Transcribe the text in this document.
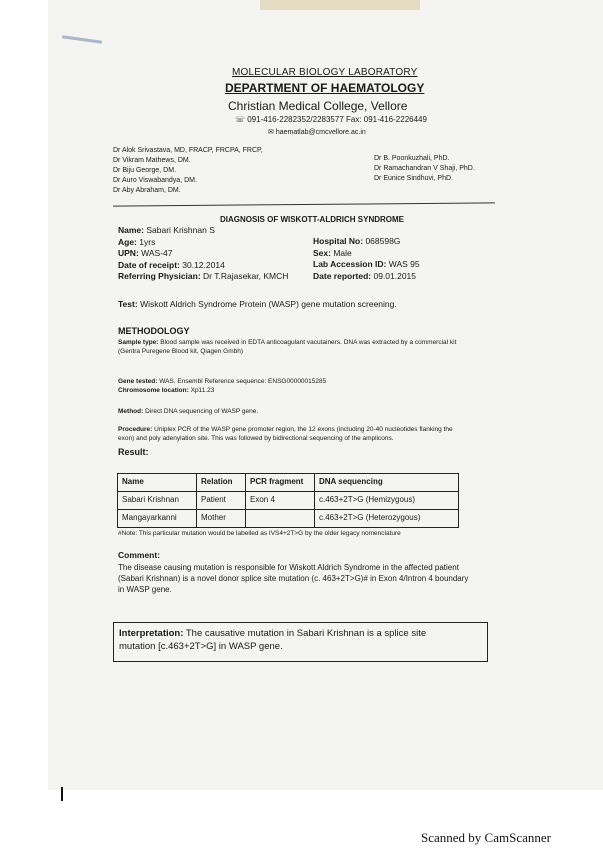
MOLECULAR BIOLOGY LABORATORY
DEPARTMENT OF HAEMATOLOGY
Christian Medical College, Vellore
☏ 091-416-2282352/2283577 Fax: 091-416-2226449
✉ haematlab@cmcvellore.ac.in
Dr Alok Srivastava, MD, FRACP, FRCPA, FRCP,
Dr Vikram Mathews, DM.
Dr Biju George, DM.
Dr Auro Viswabandya, DM.
Dr Aby Abraham, DM.
Dr B. Poonkuzhali, PhD.
Dr Ramachandran V Shaji, PhD.
Dr Eunice Sindhuvi, PhD.
DIAGNOSIS OF WISKOTT-ALDRICH SYNDROME
Name: Sabari Krishnan S
Age: 1yrs
UPN: WAS-47
Date of receipt: 30.12.2014
Referring Physician: Dr T.Rajasekar, KMCH
Hospital No: 068598G
Sex: Male
Lab Accession ID: WAS 95
Date reported: 09.01.2015
Test: Wiskott Aldrich Syndrome Protein (WASP) gene mutation screening.
METHODOLOGY
Sample type: Blood sample was received in EDTA anticoagulant vacutainers. DNA was extracted by a commercial kit
(Gentra Puregene Blood kit, Qiagen Gmbh)
Gene tested: WAS. Ensembl Reference sequence: ENSG00000015285
Chromosome location: Xp11.23
Method: Direct DNA sequencing of WASP gene.
Procedure: Uniplex PCR of the WASP gene promoter region, the 12 exons (including 20-40 nucleotides flanking the
exon) and poly adenylation site. This was followed by bidirectional sequencing of the amplicons.
Result:
Name	Relation	PCR fragment	DNA sequencing
Sabari Krishnan	Patient	Exon 4	c.463+2T>G (Hemizygous)
Mangayarkanni	Mother		c.463+2T>G (Heterozygous)
#Note: This particular mutation would be labelled as IVS4+2T>G by the older legacy nomenclature
Comment:
The disease causing mutation is responsible for Wiskott Aldrich Syndrome in the affected patient
(Sabari Krishnan) is a novel donor splice site mutation (c. 463+2T>G)# in Exon 4/Intron 4 boundary
in WASP gene.
Interpretation: The causative mutation in Sabari Krishnan is a splice site
mutation [c.463+2T>G] in WASP gene.
Scanned by CamScanner
